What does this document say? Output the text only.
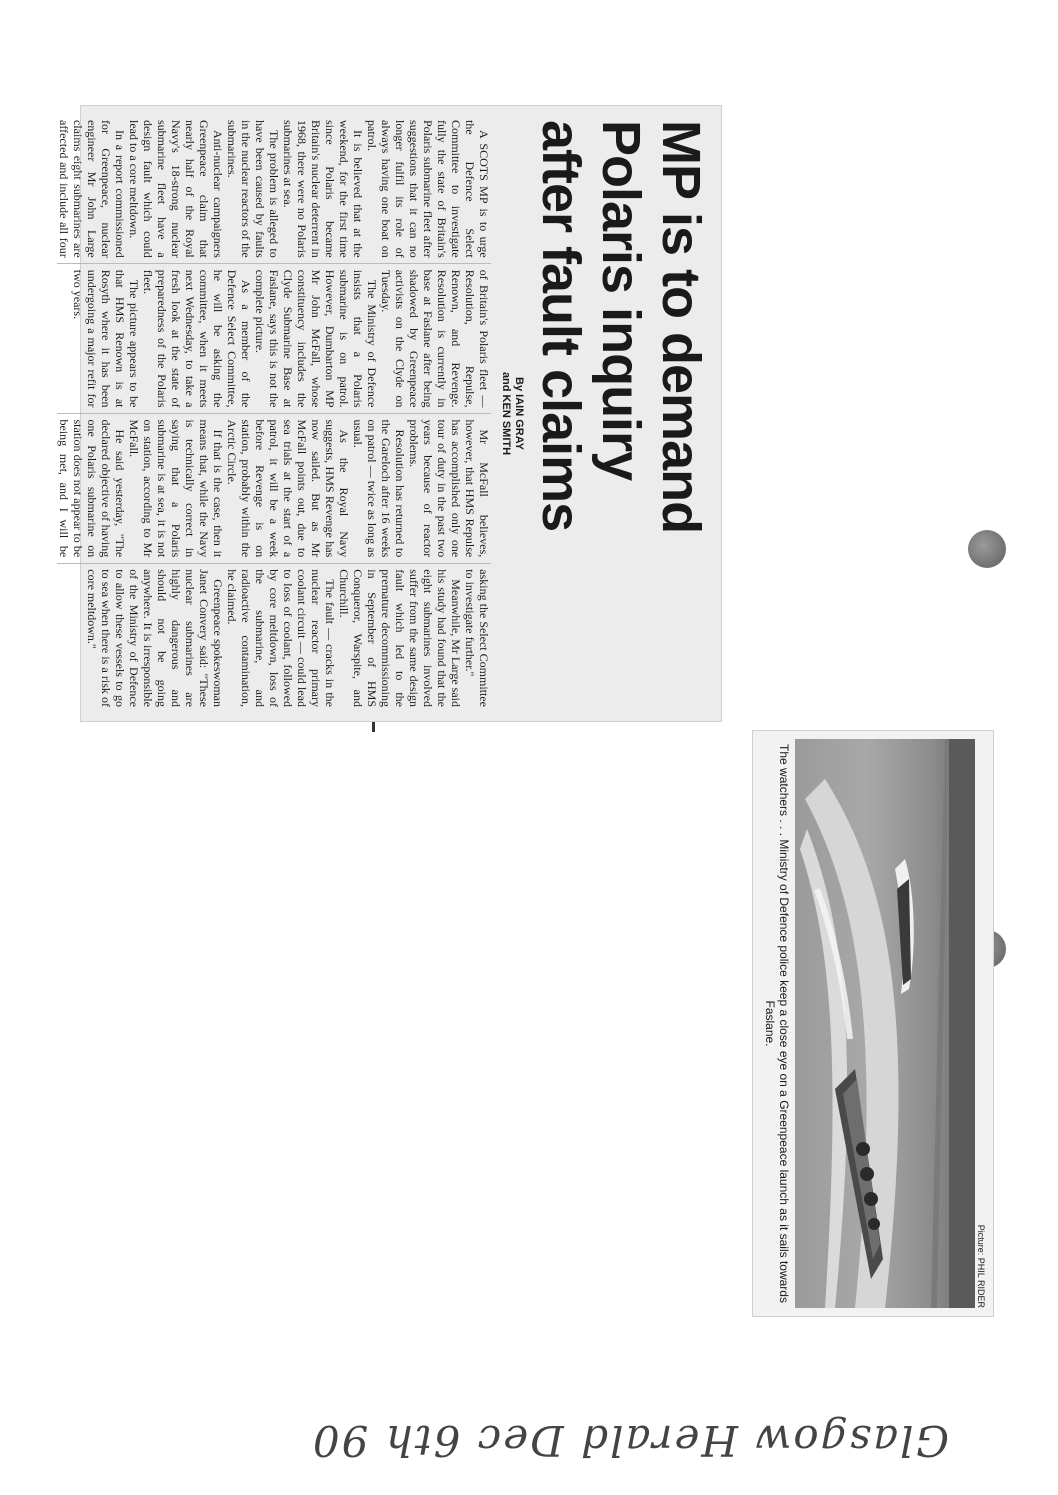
MP is to demand
Polaris inquiry
after fault claims
By IAIN GRAY
and KEN SMITH

A SCOTS MP is to urge the Defence Select Committee to investigate fully the state of Britain's Polaris submarine fleet after suggestions that it can no longer fulfil its role of always having one boat on patrol.

It is believed that at the weekend, for the first time since Polaris became Britain's nuclear deterrent in 1968, there were no Polaris submarines at sea.

The problem is alleged to have been caused by faults in the nuclear reactors of the submarines.

Anti-nuclear campaigners Greenpeace claim that nearly half of the Royal Navy's 18-strong nuclear submarine fleet have a design fault which could lead to a core meltdown.

In a report commissioned for Greenpeace, nuclear engineer Mr John Large claims eight submarines are affected and include all four of Britain's Polaris fleet — Resolution, Repulse, Renown, and Revenge. Resolution is currently in base at Faslane after being shadowed by Greenpeace activists on the Clyde on Tuesday.

The Ministry of Defence insists that a Polaris submarine is on patrol. However, Dumbarton MP Mr John McFall, whose constituency includes the Clyde Submarine Base at Faslane, says this is not the complete picture.

As a member of the Defence Select Committee, he will be asking the committee, when it meets next Wednesday, to take a fresh look at the state of preparedness of the Polaris fleet.

The picture appears to be that HMS Renown is at Rosyth where it has been undergoing a major refit for two years.

Mr McFall believes, however, that HMS Repulse has accomplished only one tour of duty in the past two years because of reactor problems.

Resolution has returned to the Gareloch after 16 weeks on patrol — twice as long as usual.

As the Royal Navy suggests, HMS Revenge has now sailed. But as Mr McFall points out, due to sea trials at the start of a patrol, it will be a week before Revenge is on station, probably within the Arctic Circle.

If that is the case, then it means that, while the Navy is technically correct in saying that a Polaris submarine is at sea, it is not on station, according to Mr McFall.

He said yesterday, "The declared objective of having one Polaris submarine on station does not appear to be being met, and I will be asking the Select Committee to investigate further."

Meanwhile, Mr Large said his study had found that the eight submarines involved suffer from the same design fault which led to the premature decommissioning in September of HMS Conqueror, Warspite, and Churchill.

The fault — cracks in the nuclear reactor primary coolant circuit — could lead to loss of coolant, followed by core meltdown, loss of the submarine, and radioactive contamination, he claimed.

Greenpeace spokeswoman Janet Convery said: "These nuclear submarines are highly dangerous and should not be going anywhere. It is irresponsible of the Ministry of Defence to allow these vessels to go to sea when there is a risk of core meltdown."

Picture: PHIL RIDER
The watchers . . . Ministry of Defence police keep a close eye on a Greenpeace launch as it sails towards Faslane.
Glasgow Herald Dec 6th 90
